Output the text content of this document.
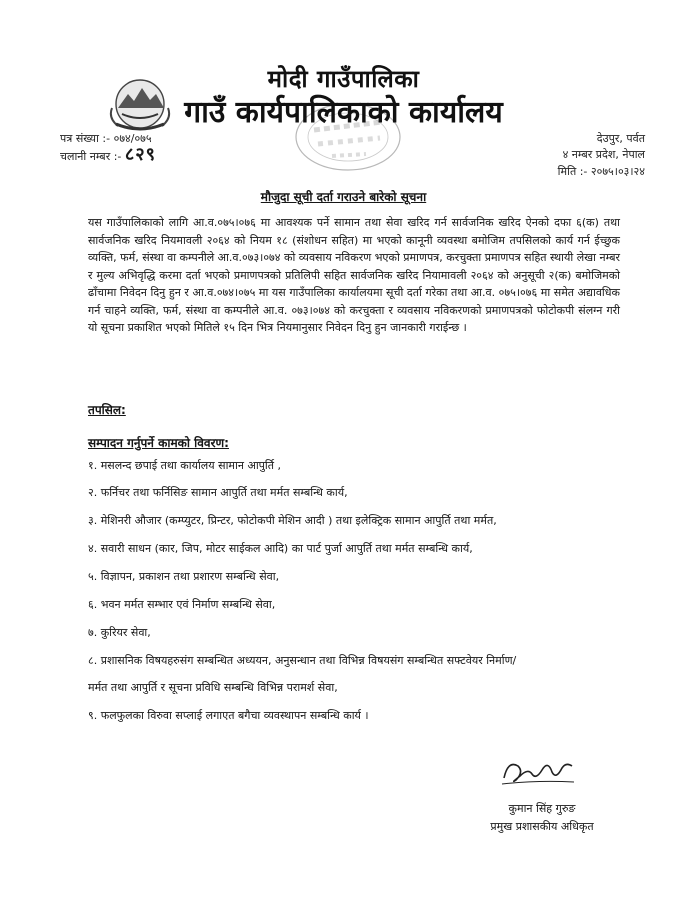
मोदी गाउँपालिका
गाउँ कार्यपालिकाको कार्यालय
पत्र संख्या :- ०७४/०७५
चलानी नम्बर :- ८२९
देउपुर, पर्वत
४ नम्बर प्रदेश, नेपाल
मिति :- २०७५।०३।२४
मौजुदा सूची दर्ता गराउने बारेको सूचना
यस गाउँपालिकाको लागि आ.व.०७५।०७६ मा आवश्यक पर्ने सामान तथा सेवा खरिद गर्न सार्वजनिक खरिद ऐनको दफा ६(क) तथा सार्वजनिक खरिद नियमावली २०६४ को नियम १८ (संशोधन सहित) मा भएको कानूनी व्यवस्था बमोजिम तपसिलको कार्य गर्न ईच्छुक व्यक्ति, फर्म, संस्था वा कम्पनीले आ.व.०७३।०७४ को व्यवसाय नविकरण भएको प्रमाणपत्र, करचुक्ता प्रमाणपत्र सहित स्थायी लेखा नम्बर र मुल्य अभिवृद्धि करमा दर्ता भएको प्रमाणपत्रको प्रतिलिपी सहित सार्वजनिक खरिद नियामावली २०६४ को अनुसूची २(क) बमोजिमको ढाँचामा निवेदन दिनु हुन र आ.व.०७४।०७५ मा यस गाउँपालिका कार्यालयमा सूची दर्ता गरेका तथा आ.व. ०७५।०७६ मा समेत अद्यावधिक गर्न चाहने व्यक्ति, फर्म, संस्था वा कम्पनीले आ.व. ०७३।०७४ को करचुक्ता र व्यवसाय नविकरणको प्रमाणपत्रको फोटोकपी संलग्न गरी यो सूचना प्रकाशित भएको मितिले १५ दिन भित्र नियमानुसार निवेदन दिनु हुन जानकारी गराईन्छ ।
तपसिल:
सम्पादन गर्नुपर्ने कामको विवरण:
१. मसलन्द छपाई तथा कार्यालय सामान आपुर्ति ,
२. फर्निचर तथा फर्निसिङ सामान आपुर्ति तथा मर्मत सम्बन्धि कार्य,
३. मेशिनरी औजार (कम्प्युटर, प्रिन्टर, फोटोकपी मेशिन आदी ) तथा इलेक्ट्रिक सामान आपुर्ति तथा मर्मत,
४. सवारी साधन (कार, जिप, मोटर साईकल आदि) का पार्ट पुर्जा आपुर्ति तथा मर्मत सम्बन्धि कार्य,
५. विज्ञापन, प्रकाशन तथा प्रशारण सम्बन्धि सेवा,
६. भवन मर्मत सम्भार एवं निर्माण सम्बन्धि सेवा,
७. कुरियर सेवा,
८. प्रशासनिक विषयहरुसंग सम्बन्धित अध्ययन, अनुसन्धान तथा विभिन्न विषयसंग सम्बन्धित सफ्टवेयर निर्माण/
मर्मत तथा आपुर्ति र सूचना प्रविधि सम्बन्धि विभिन्न परामर्श सेवा,
९. फलफुलका विरुवा सप्लाई लगाएत बगैचा व्यवस्थापन सम्बन्धि कार्य ।
कुमान सिंह गुरुङ
प्रमुख प्रशासकीय अधिकृत
